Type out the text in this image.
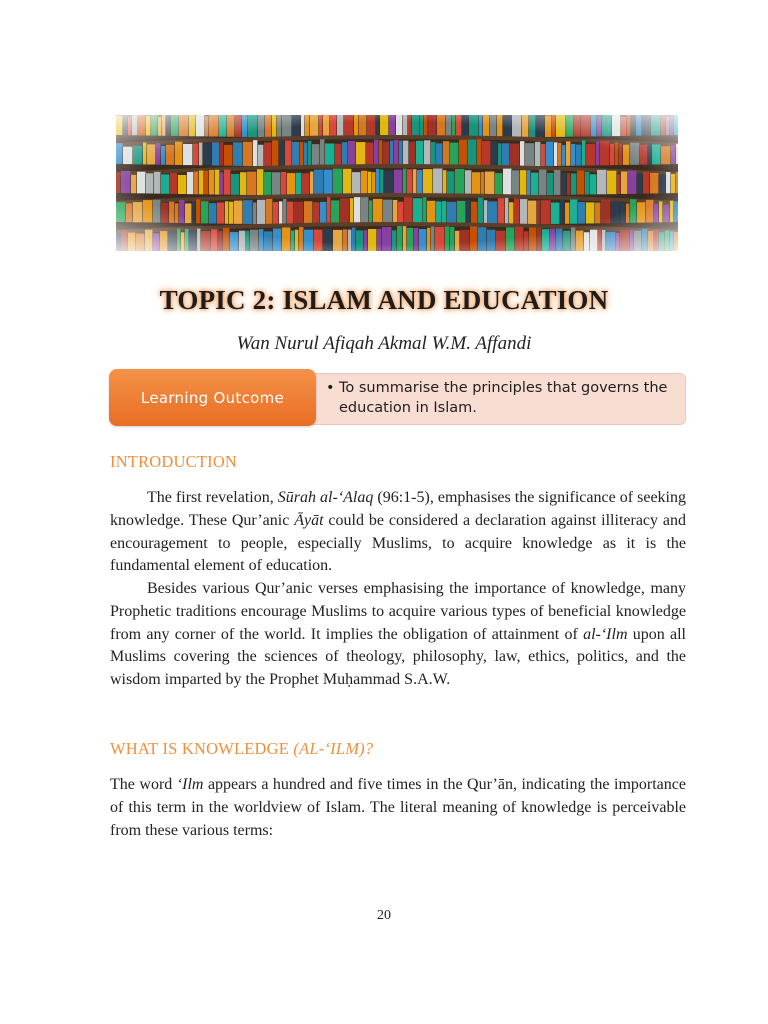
TOPIC 2: ISLAM AND EDUCATION
Wan Nurul Afiqah Akmal W.M. Affandi
Learning Outcome
• To summarise the principles that governs the education in Islam.
INTRODUCTION

The first revelation, Sūrah al-‘Alaq (96:1-5), emphasises the significance of seeking knowledge. These Qur’anic Āyāt could be considered a declaration against illiteracy and encouragement to people, especially Muslims, to acquire knowledge as it is the fundamental element of education.

Besides various Qur’anic verses emphasising the importance of knowledge, many Prophetic traditions encourage Muslims to acquire various types of beneficial knowledge from any corner of the world. It implies the obligation of attainment of al-‘Ilm upon all Muslims covering the sciences of theology, philosophy, law, ethics, politics, and the wisdom imparted by the Prophet Muḥammad S.A.W.

WHAT IS KNOWLEDGE (AL-‘ILM)?

The word ‘Ilm appears a hundred and five times in the Qur’ān, indicating the importance of this term in the worldview of Islam. The literal meaning of knowledge is perceivable from these various terms:

20
